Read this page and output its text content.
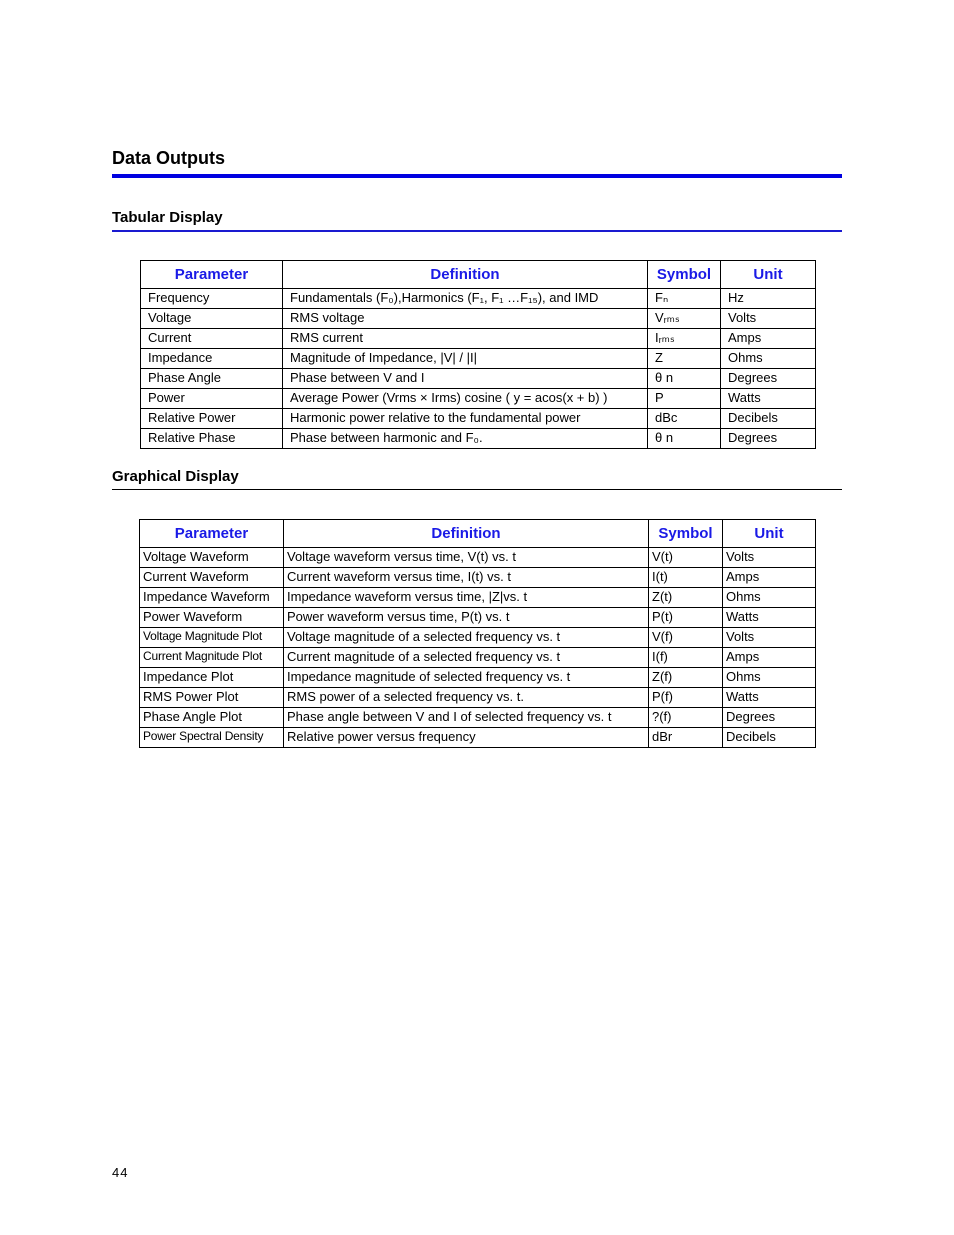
Data Outputs
Tabular Display
Parameter	Definition	Symbol	Unit
Frequency	Fundamentals (F₀),Harmonics (F₁, F₁ …F₁₅), and IMD	Fₙ	Hz
Voltage	RMS voltage	Vᵣₘₛ	Volts
Current	RMS current	Iᵣₘₛ	Amps
Impedance	Magnitude of Impedance, |V| / |I|	Z	Ohms
Phase Angle	Phase between V and I	θ n	Degrees
Power	Average Power (Vrms × Irms) cosine ( y = acos(x + b) )	P	Watts
Relative Power	Harmonic power relative to the fundamental power	dBc	Decibels
Relative Phase	Phase between harmonic and F₀.	θ n	Degrees
Graphical Display
Parameter	Definition	Symbol	Unit
Voltage Waveform	Voltage waveform versus time, V(t) vs. t	V(t)	Volts
Current Waveform	Current waveform versus time, I(t) vs. t	I(t)	Amps
Impedance Waveform	Impedance waveform versus time, |Z|vs. t	Z(t)	Ohms
Power Waveform	Power waveform versus time, P(t) vs. t	P(t)	Watts
Voltage Magnitude Plot	Voltage magnitude of a selected frequency vs. t	V(f)	Volts
Current Magnitude Plot	Current magnitude of a selected frequency vs. t	I(f)	Amps
Impedance Plot	Impedance magnitude of selected frequency vs. t	Z(f)	Ohms
RMS Power Plot	RMS power of a selected frequency vs. t.	P(f)	Watts
Phase Angle Plot	Phase angle between V and I of selected frequency vs. t	?(f)	Degrees
Power Spectral Density	Relative power versus frequency	dBr	Decibels
44
